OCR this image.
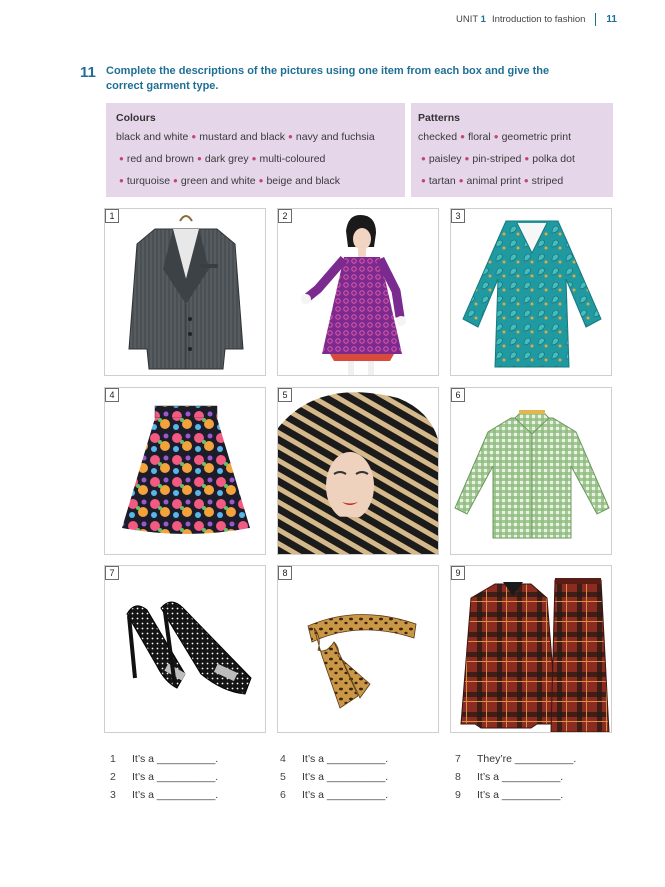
UNIT 1 Introduction to fashion 11
11 Complete the descriptions of the pictures using one item from each box and give the correct garment type.
Colours
black and white ● mustard and black ● navy and fuchsia
● red and brown ● dark grey ● multi-coloured
● turquoise ● green and white ● beige and black
Patterns
checked ● floral ● geometric print
● paisley ● pin-striped ● polka dot
● tartan ● animal print ● striped
1	2	3
4	5	6
7	8	9
1 It’s a __________.
2 It’s a __________.
3 It’s a __________.
4 It’s a __________.
5 It’s a __________.
6 It’s a __________.
7 They’re __________.
8 It’s a __________.
9 It’s a __________.
